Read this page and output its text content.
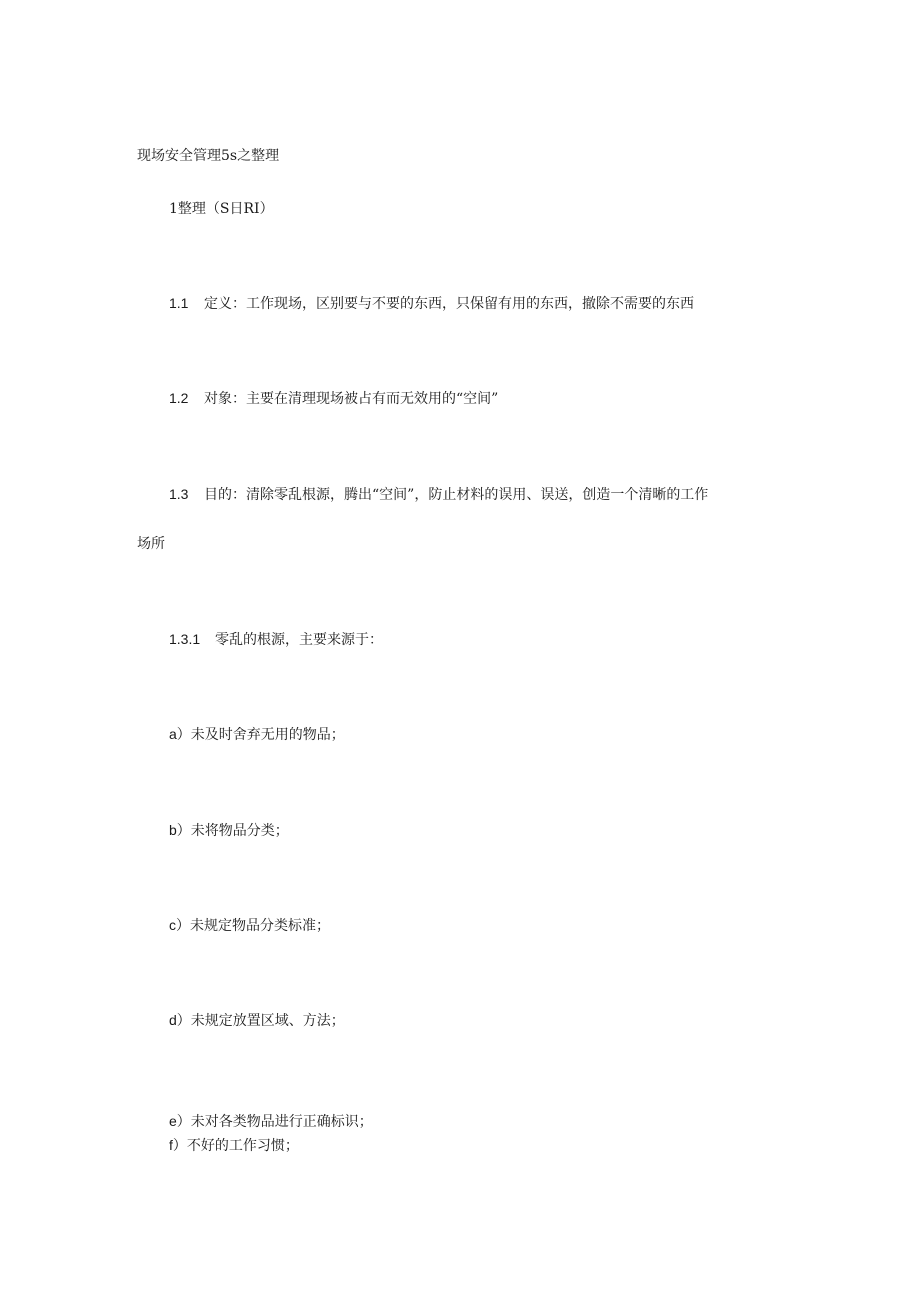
现场安全管理5s之整理
1整理（S日RI）
1.1 定义：工作现场，区别要与不要的东西，只保留有用的东西，撤除不需要的东西
1.2 对象：主要在清理现场被占有而无效用的“空间”
1.3 目的：清除零乱根源，腾出“空间”，防止材料的误用、误送，创造一个清晰的工作
场所
1.3.1 零乱的根源，主要来源于：
a）未及时舍弃无用的物品；
b）未将物品分类；
c）未规定物品分类标准；
d）未规定放置区域、方法；
e）未对各类物品进行正确标识；
f）不好的工作习惯；
